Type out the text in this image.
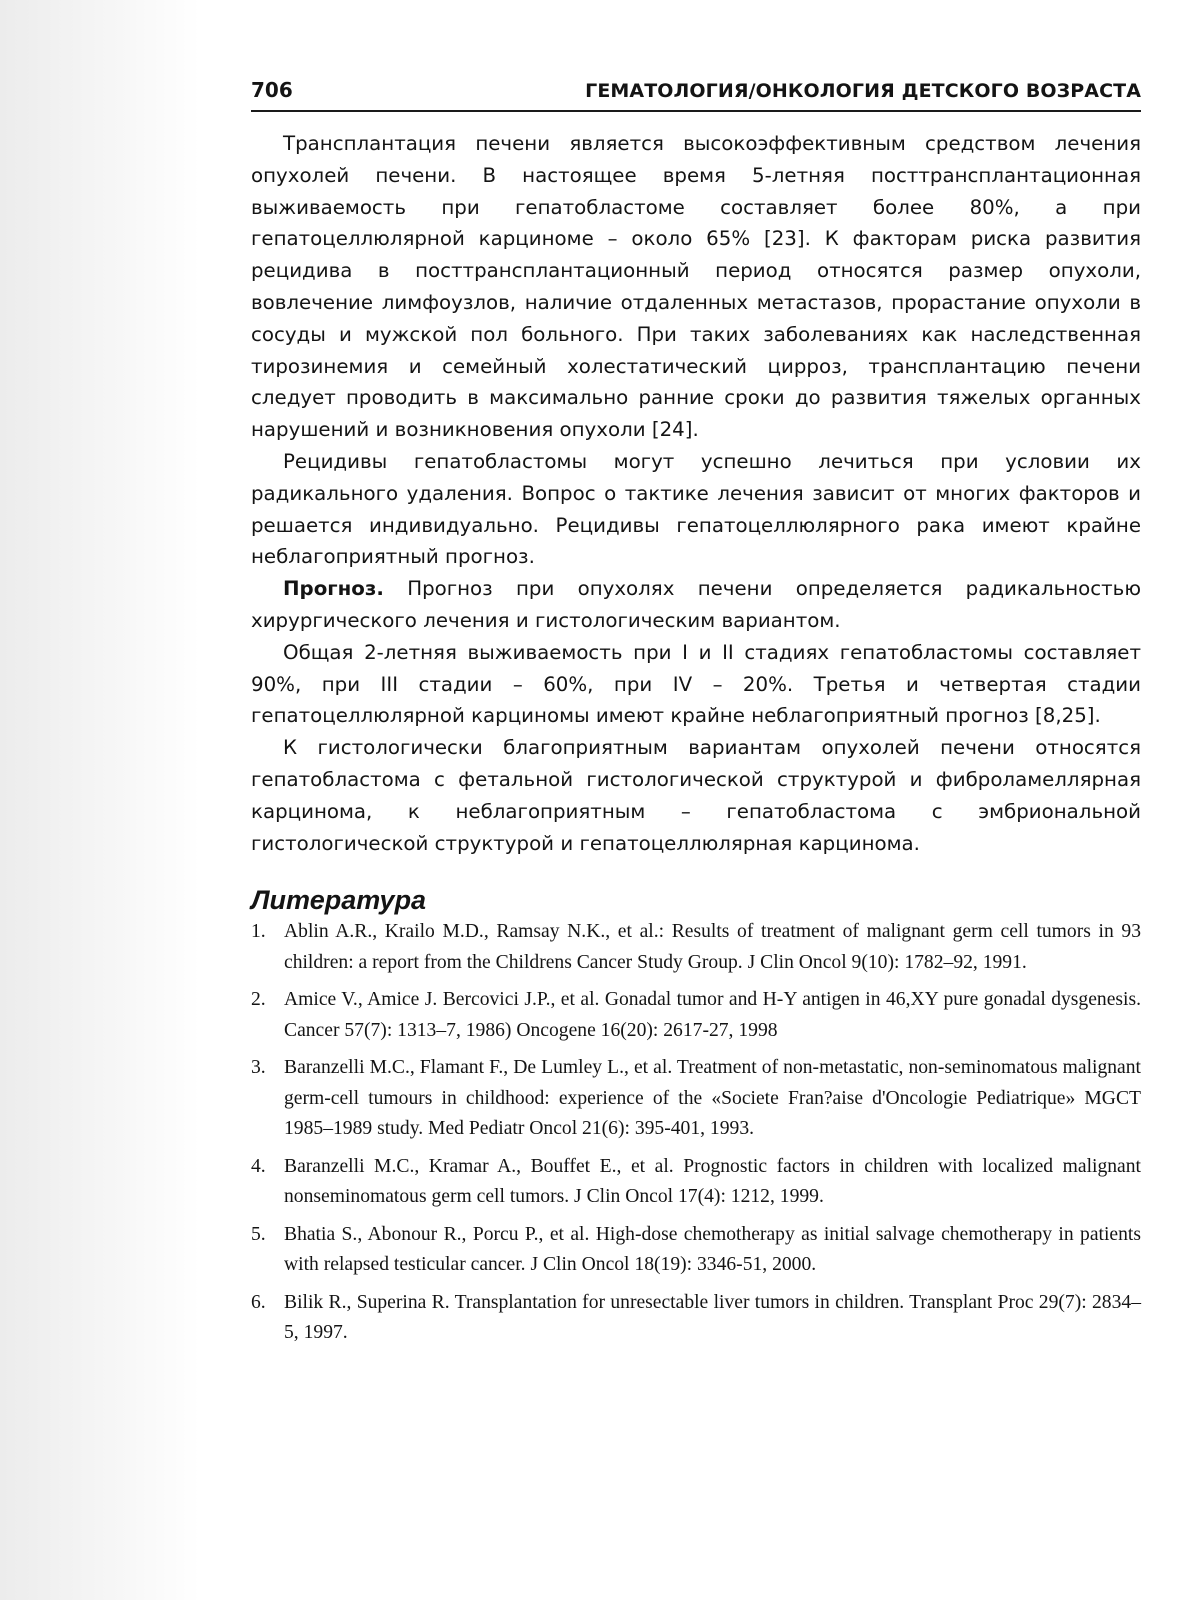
706	ГЕМАТОЛОГИЯ/ОНКОЛОГИЯ ДЕТСКОГО ВОЗРАСТА

Трансплантация печени является высокоэффективным средством лечения опухолей печени. В настоящее время 5-летняя посттрансплантационная выживаемость при гепатобластоме составляет более 80%, а при гепатоцеллюлярной карциноме – около 65% [23]. К факторам риска развития рецидива в посттрансплантационный период относятся размер опухоли, вовлечение лимфоузлов, наличие отдаленных метастазов, прорастание опухоли в сосуды и мужской пол больного. При таких заболеваниях как наследственная тирозинемия и семейный холестатический цирроз, трансплантацию печени следует проводить в максимально ранние сроки до развития тяжелых органных нарушений и возникновения опухоли [24].

Рецидивы гепатобластомы могут успешно лечиться при условии их радикального удаления. Вопрос о тактике лечения зависит от многих факторов и решается индивидуально. Рецидивы гепатоцеллюлярного рака имеют крайне неблагоприятный прогноз.

Прогноз. Прогноз при опухолях печени определяется радикальностью хирургического лечения и гистологическим вариантом.

Общая 2-летняя выживаемость при I и II стадиях гепатобластомы составляет 90%, при III стадии – 60%, при IV – 20%. Третья и четвертая стадии гепатоцеллюлярной карциномы имеют крайне неблагоприятный прогноз [8,25].

К гистологически благоприятным вариантам опухолей печени относятся гепатобластома с фетальной гистологической структурой и фиброламеллярная карцинома, к неблагоприятным – гепатобластома с эмбриональной гистологической структурой и гепатоцеллюлярная карцинома.

Литература
1. Ablin A.R., Krailo M.D., Ramsay N.K., et al.: Results of treatment of malignant germ cell tumors in 93 children: a report from the Childrens Cancer Study Group. J Clin Oncol 9(10): 1782–92, 1991.
2. Amice V., Amice J. Bercovici J.P., et al. Gonadal tumor and H-Y antigen in 46,XY pure gonadal dysgenesis. Cancer 57(7): 1313–7, 1986) Oncogene 16(20): 2617-27, 1998
3. Baranzelli M.C., Flamant F., De Lumley L., et al. Treatment of non-metastatic, non-seminomatous malignant germ-cell tumours in childhood: experience of the «Societe Fran?aise d'Oncologie Pediatrique» MGCT 1985–1989 study. Med Pediatr Oncol 21(6): 395-401, 1993.
4. Baranzelli M.C., Kramar A., Bouffet E., et al. Prognostic factors in children with localized malignant nonseminomatous germ cell tumors. J Clin Oncol 17(4): 1212, 1999.
5. Bhatia S., Abonour R., Porcu P., et al. High-dose chemotherapy as initial salvage chemotherapy in patients with relapsed testicular cancer. J Clin Oncol 18(19): 3346-51, 2000.
6. Bilik R., Superina R. Transplantation for unresectable liver tumors in children. Transplant Proc 29(7): 2834–5, 1997.
